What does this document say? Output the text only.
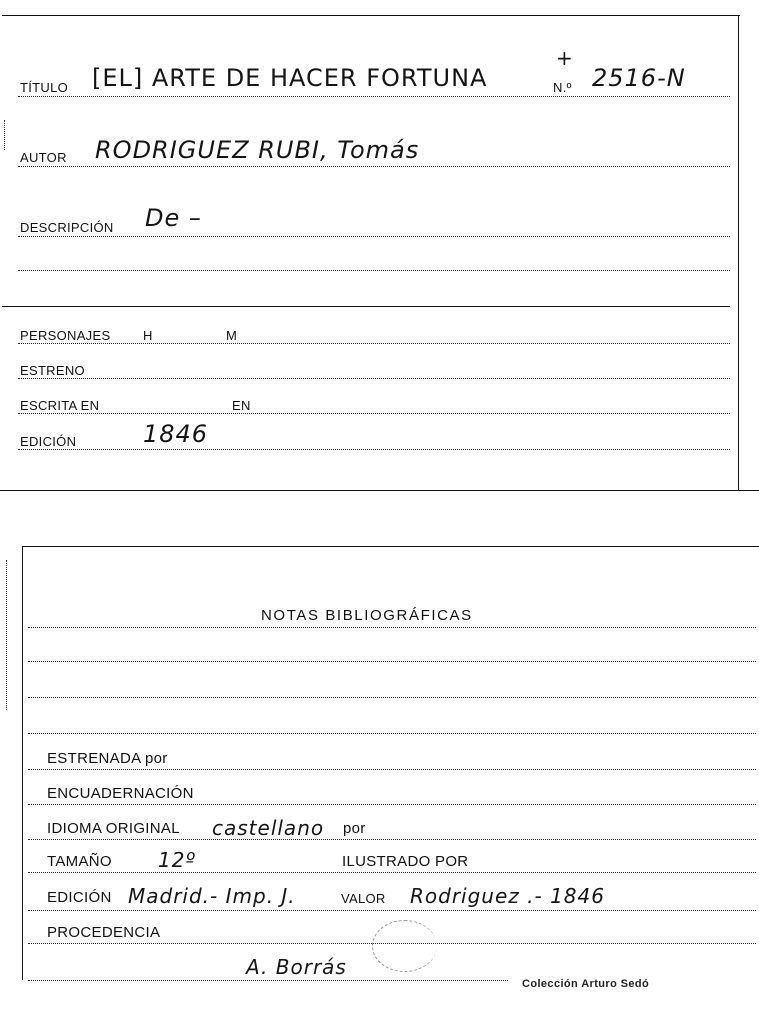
TÍTULO [EL] ARTE DE HACER FORTUNA
+
N.º 2516-N
AUTOR RODRIGUEZ RUBI, Tomás
DESCRIPCIÓN De –
PERSONAJES	H	M
ESTRENO
ESCRITA EN	EN
EDICIÓN	1846
NOTAS BIBLIOGRÁFICAS
ESTRENADA por
ENCUADERNACIÓN
IDIOMA ORIGINAL castellano por
TAMAÑO 12º	ILUSTRADO POR
EDICIÓN Madrid.- Imp. J.	VALOR Rodriguez .- 1846
PROCEDENCIA
A. Borrás
Colección Arturo Sedó
